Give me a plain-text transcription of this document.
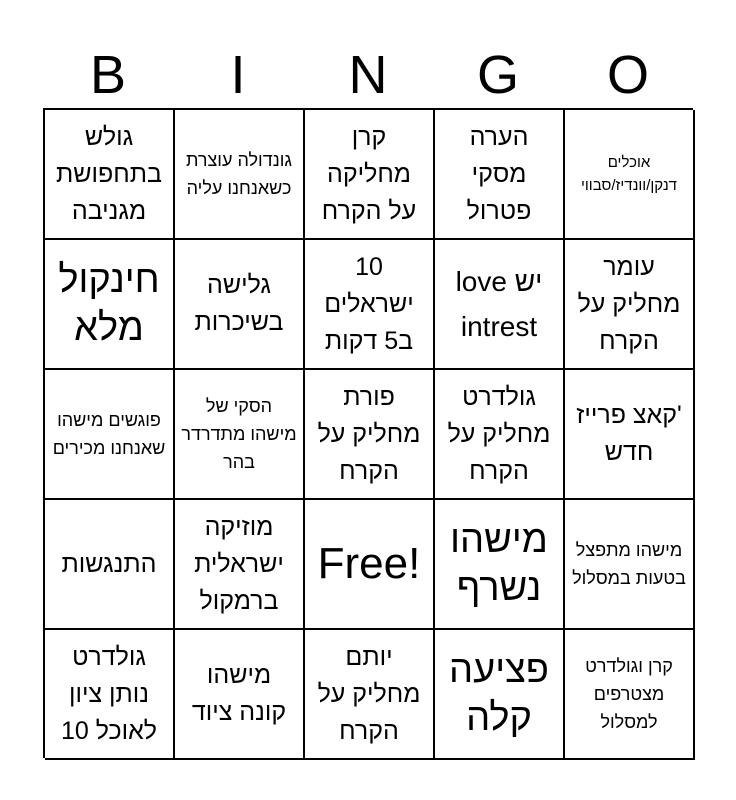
B	I	N	G	O
גולש בתחפושת מגניבה
גונדולה עוצרת כשאנחנו עליה
קרן מחליקה על הקרח
הערה מסקי פטרול
אוכלים דנקן/וונדיז/סבווי
חינקול מלא
גלישה בשיכרות
10 ישראלים ב5 דקות
יש love intrest
עומר מחליק על הקרח
פוגשים מישהו שאנחנו מכירים
הסקי של מישהו מתדרדר בהר
פורת מחליק על הקרח
גולדרט מחליק על הקרח
'קאצ פרייז חדש
התנגשות
מוזיקה ישראלית ברמקול
Free! מישהו נשרף
מישהו מתפצל בטעות במסלול
גולדרט נותן ציון לאוכל 10
מישהו קונה ציוד
יותם מחליק על הקרח
פציעה קלה
קרן וגולדרט מצטרפים למסלול
